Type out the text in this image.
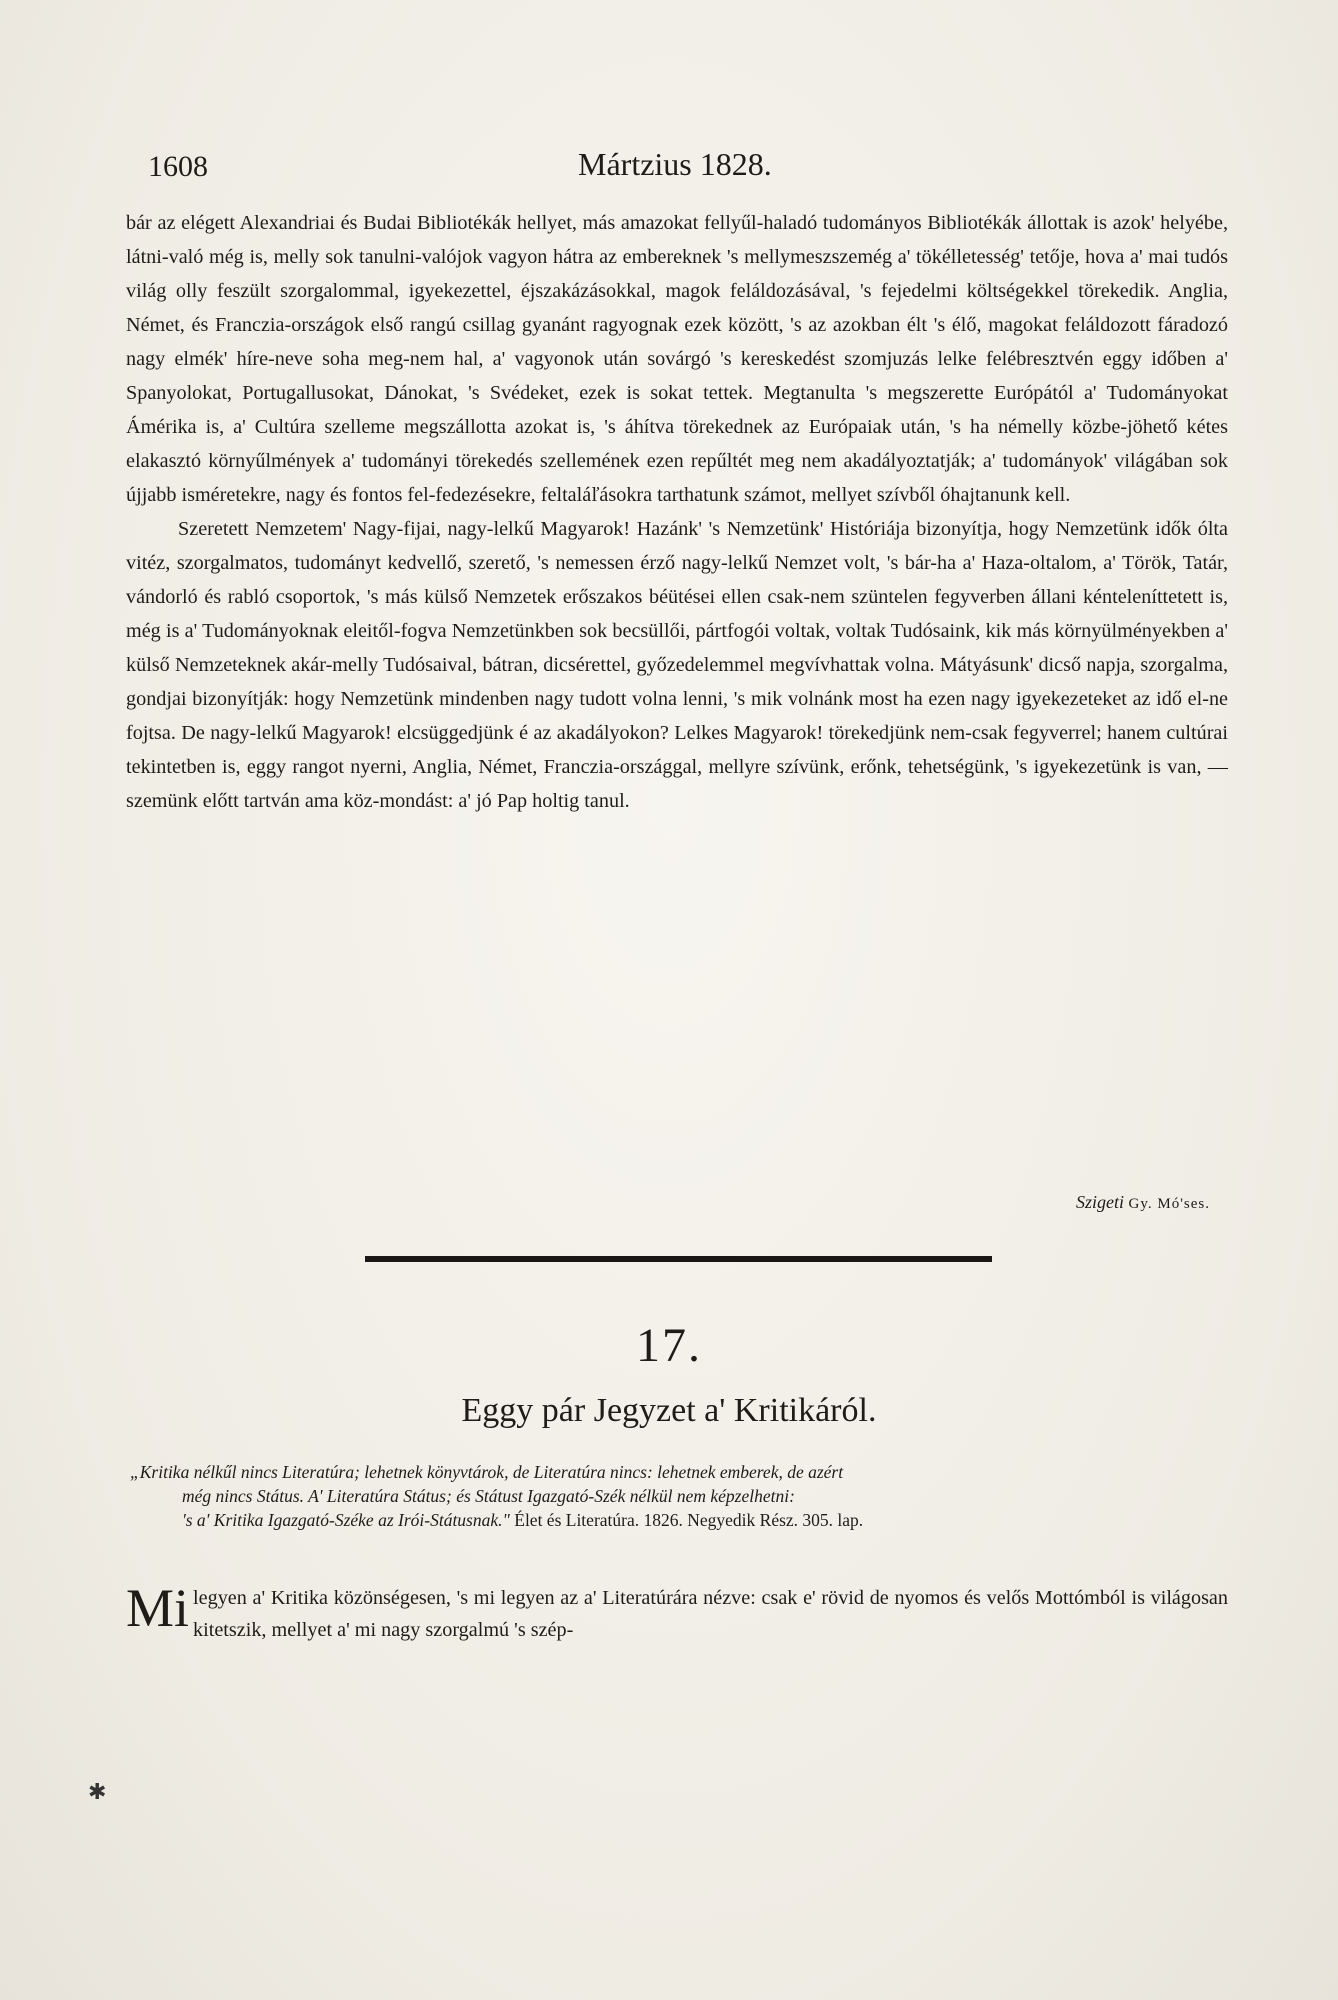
1608	Mártzius 1828.

bár az elégett Alexandriai és Budai Bibliotékák hellyet, más amazokat fellyűl-haladó tudományos Bibliotékák állottak is azok' helyébe, látni-való még is, melly sok tanulni-valójok vagyon hátra az embereknek 's mellymeszszemég a' tökélletesség' tetője, hova a' mai tudós világ olly feszült szorgalommal, igyekezettel, éjszakázásokkal, magok feláldozásával, 's fejedelmi költségekkel törekedik. Anglia, Német, és Franczia-országok első rangú csillag gyanánt ragyognak ezek között, 's az azokban élt 's élő, magokat feláldozott fáradozó nagy elmék' híre-neve soha meg-nem hal, a' vagyonok után sovárgó 's kereskedést szomjuzás lelke felébresztvén eggy időben a' Spanyolokat, Portugallusokat, Dánokat, 's Svédeket, ezek is sokat tettek. Megtanulta 's megszerette Európától a' Tudományokat Ámérika is, a' Cultúra szelleme megszállotta azokat is, 's áhítva törekednek az Európaiak után, 's ha némelly közbe-jöhető kétes elakasztó környűlmények a' tudományi törekedés szellemének ezen repűltét meg nem akadályoztatják; a' tudományok' világában sok újjabb isméretekre, nagy és fontos fel-fedezésekre, feltaláľásokra tarthatunk számot, mellyet szívből óhajtanunk kell.

Szeretett Nemzetem' Nagy-fijai, nagy-lelkű Magyarok! Hazánk' 's Nemzetünk' Históriája bizonyítja, hogy Nemzetünk idők ólta vitéz, szorgalmatos, tudományt kedvellő, szerető, 's nemessen érző nagy-lelkű Nemzet volt, 's bár-ha a' Haza-oltalom, a' Török, Tatár, vándorló és rabló csoportok, 's más külső Nemzetek erőszakos béütései ellen csak-nem szüntelen fegyverben állani kénteleníttetett is, még is a' Tudományoknak eleitől-fogva Nemzetünkben sok becsüllői, pártfogói voltak, voltak Tudósaink, kik más környülményekben a' külső Nemzeteknek akár-melly Tudósaival, bátran, dicsérettel, győzedelemmel megvívhattak volna. Mátyásunk' dicső napja, szorgalma, gondjai bizonyítják: hogy Nemzetünk mindenben nagy tudott volna lenni, 's mik volnánk most ha ezen nagy igyekezeteket az idő el-ne fojtsa. De nagy-lelkű Magyarok! elcsüggedjünk é az akadályokon? Lelkes Magyarok! törekedjünk nem-csak fegyverrel; hanem cultúrai tekintetben is, eggy rangot nyerni, Anglia, Német, Franczia-országgal, mellyre szívünk, erőnk, tehetségünk, 's igyekezetünk is van, — szemünk előtt tartván ama köz-mondást: a' jó Pap holtig tanul.

Szigeti Gy. Mó'ses.
17.
Eggy pár Jegyzet a' Kritikáról.
„Kritika nélkűl nincs Literatúra; lehetnek könyvtárok, de Literatúra nincs: lehetnek emberek, de azért
még nincs Státus. A' Literatúra Státus; és Státust Igazgató-Szék nélkül nem képzelhetni:
's a' Kritika Igazgató-Széke az Irói-Státusnak." Élet és Literatúra. 1826. Negyedik Rész. 305. lap.
Mi legyen a' Kritika közönségesen, 's mi legyen az a' Literatúrára nézve: csak e' rövid de nyomos és velős Mottómból is világosan kitetszik, mellyet a' mi nagy szorgalmú 's szép-
✱
